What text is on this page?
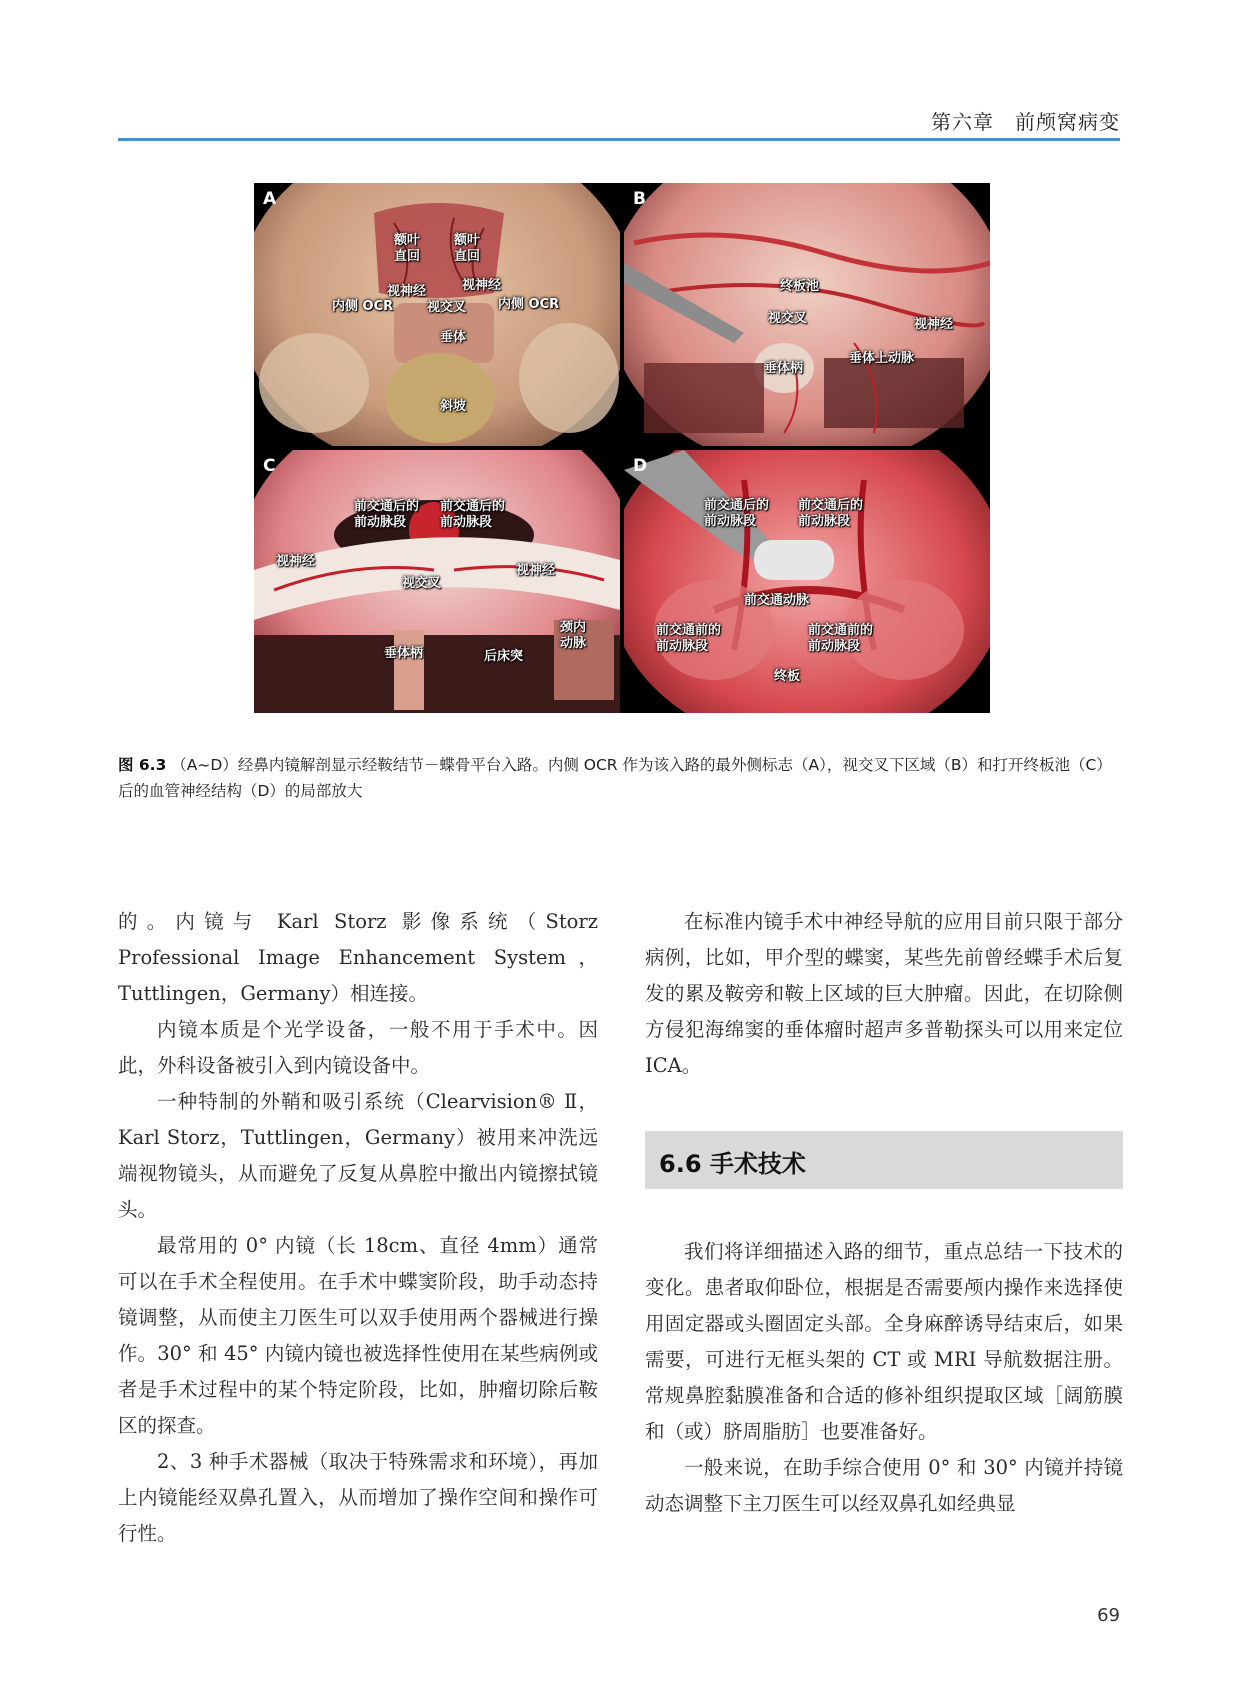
第六章　前颅窝病变
A
额叶
直回
额叶
直回
视神经	视神经
内侧 OCR	视交叉 内侧 OCR
垂体
斜坡
B
终板池
视交叉	视神经
垂体柄
垂体上动脉
C
前交通后的
前动脉段
前交通后的
前动脉段
视神经
视交叉
视神经
颈内
动脉
垂体柄	后床突
D
前交通后的
前动脉段
前交通后的
前动脉段
前交通动脉
前交通前的
前动脉段
前交通前的
前动脉段
终板
图 6.3 （A~D）经鼻内镜解剖显示经鞍结节－蝶骨平台入路。内侧 OCR 作为该入路的最外侧标志（A），视交叉下区域（B）和打开终板池（C）后的血管神经结构（D）的局部放大

的。内镜与 Karl Storz 影像系统（Storz Professional Image Enhancement System，Tuttlingen，Germany）相连接。

内镜本质是个光学设备，一般不用于手术中。因此，外科设备被引入到内镜设备中。

一种特制的外鞘和吸引系统（Clearvision® Ⅱ，Karl Storz，Tuttlingen，Germany）被用来冲洗远端视物镜头，从而避免了反复从鼻腔中撤出内镜擦拭镜头。

最常用的 0° 内镜（长 18cm、直径 4mm）通常可以在手术全程使用。在手术中蝶窦阶段，助手动态持镜调整，从而使主刀医生可以双手使用两个器械进行操作。30° 和 45° 内镜内镜也被选择性使用在某些病例或者是手术过程中的某个特定阶段，比如，肿瘤切除后鞍区的探查。

2、3 种手术器械（取决于特殊需求和环境），再加上内镜能经双鼻孔置入，从而增加了操作空间和操作可行性。

在标准内镜手术中神经导航的应用目前只限于部分病例，比如，甲介型的蝶窦，某些先前曾经蝶手术后复发的累及鞍旁和鞍上区域的巨大肿瘤。因此，在切除侧方侵犯海绵窦的垂体瘤时超声多普勒探头可以用来定位 ICA。

6.6 手术技术

我们将详细描述入路的细节，重点总结一下技术的变化。患者取仰卧位，根据是否需要颅内操作来选择使用固定器或头圈固定头部。全身麻醉诱导结束后，如果需要，可进行无框头架的 CT 或 MRI 导航数据注册。常规鼻腔黏膜准备和合适的修补组织提取区域［阔筋膜和（或）脐周脂肪］也要准备好。

一般来说，在助手综合使用 0° 和 30° 内镜并持镜动态调整下主刀医生可以经双鼻孔如经典显

69
